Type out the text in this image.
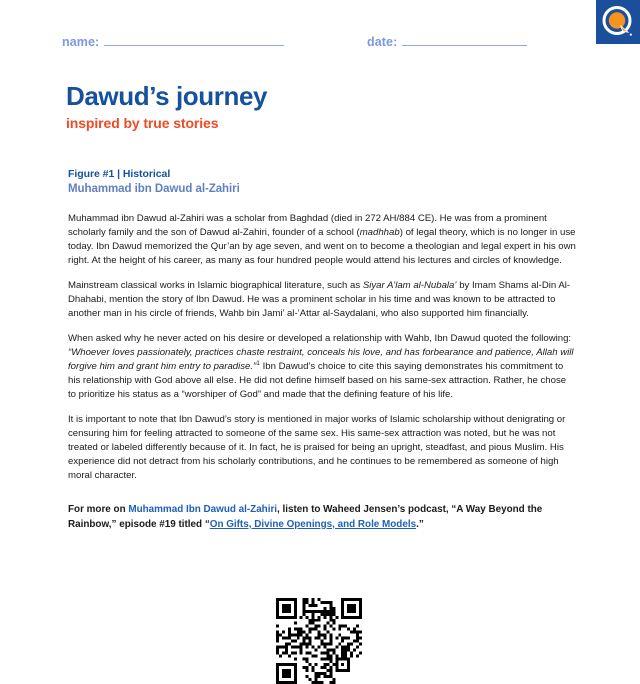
name:	date:
Dawud’s journey

inspired by true stories

Figure #1 | Historical

Muhammad ibn Dawud al-Zahiri

Muhammad ibn Dawud al-Zahiri was a scholar from Baghdad (died in 272 AH/884 CE). He was from a prominent scholarly family and the son of Dawud al-Zahiri, founder of a school (madhhab) of legal theory, which is no longer in use today. Ibn Dawud memorized the Qur’an by age seven, and went on to become a theologian and legal expert in his own right. At the height of his career, as many as four hundred people would attend his lectures and circles of knowledge.

Mainstream classical works in Islamic biographical literature, such as Siyar A’lam al-Nubala’ by Imam Shams al-Din Al-Dhahabi, mention the story of Ibn Dawud. He was a prominent scholar in his time and was known to be attracted to another man in his circle of friends, Wahb bin Jami’ al-’Attar al-Saydalani, who also supported him financially.

When asked why he never acted on his desire or developed a relationship with Wahb, Ibn Dawud quoted the following: “Whoever loves passionately, practices chaste restraint, conceals his love, and has forbearance and patience, Allah will forgive him and grant him entry to paradise.”$^1$ Ibn Dawud’s choice to cite this saying demonstrates his commitment to his relationship with God above all else. He did not define himself based on his same-sex attraction. Rather, he chose to prioritize his status as a “worshiper of God” and made that the defining feature of his life.

It is important to note that Ibn Dawud’s story is mentioned in major works of Islamic scholarship without denigrating or censuring him for feeling attracted to someone of the same sex. His same-sex attraction was noted, but he was not treated or labeled differently because of it. In fact, he is praised for being an upright, steadfast, and pious Muslim. His experience did not detract from his scholarly contributions, and he continues to be remembered as someone of high moral character.

For more on Muhammad Ibn Dawud al-Zahiri, listen to Waheed Jensen’s podcast, “A Way Beyond the Rainbow,” episode #19 titled “On Gifts, Divine Openings, and Role Models.”
